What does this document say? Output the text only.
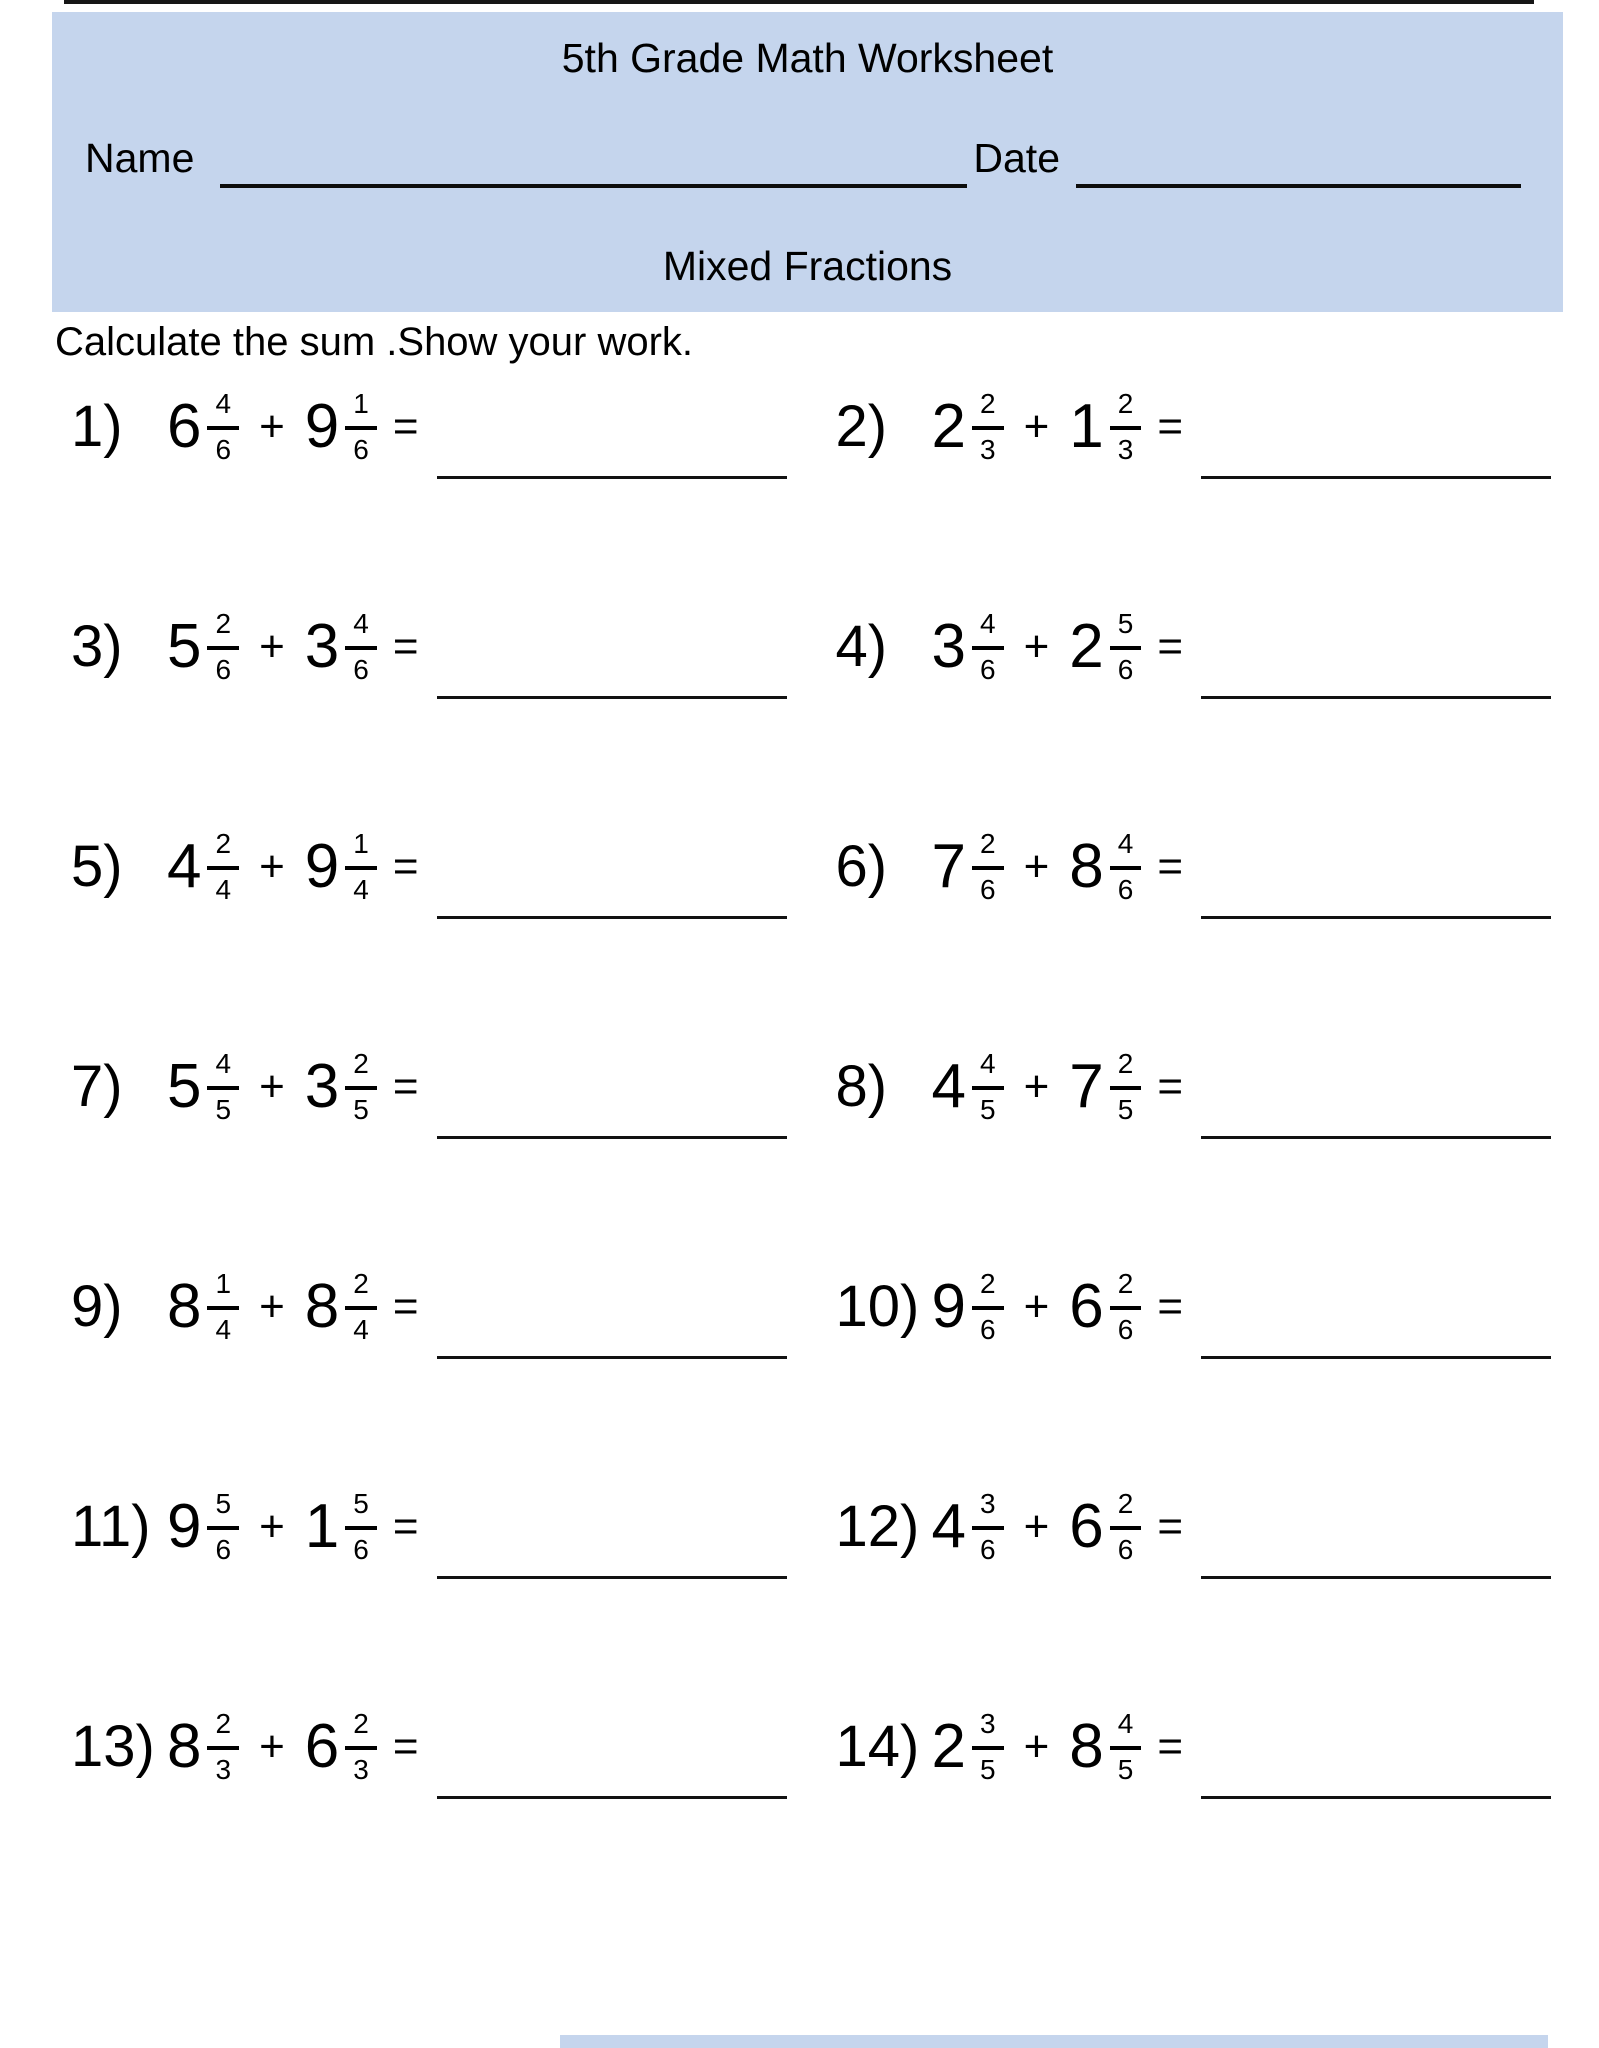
5th Grade Math Worksheet
Name	Date
Mixed Fractions
Calculate the sum .Show your work.
1) $6 \frac{4}{6} + 9 \frac{1}{6}$ =	2) $2 \frac{2}{3} + 1 \frac{2}{3}$ =
3) $5 \frac{2}{6} + 3 \frac{4}{6}$ =	4) $3 \frac{4}{6} + 2 \frac{5}{6}$ =
5) $4 \frac{2}{4} + 9 \frac{1}{4}$ =	6) $7 \frac{2}{6} + 8 \frac{4}{6}$ =
7) $5 \frac{4}{5} + 3 \frac{2}{5}$ =	8) $4 \frac{4}{5} + 7 \frac{2}{5}$ =
9) $8 \frac{1}{4} + 8 \frac{2}{4}$ =	10) $9 \frac{2}{6} + 6 \frac{2}{6}$ =
11) $9 \frac{5}{6} + 1 \frac{5}{6}$ =	12) $4 \frac{3}{6} + 6 \frac{2}{6}$ =
13) $8 \frac{2}{3} + 6 \frac{2}{3}$ =	14) $2 \frac{3}{5} + 8 \frac{4}{5}$ =
